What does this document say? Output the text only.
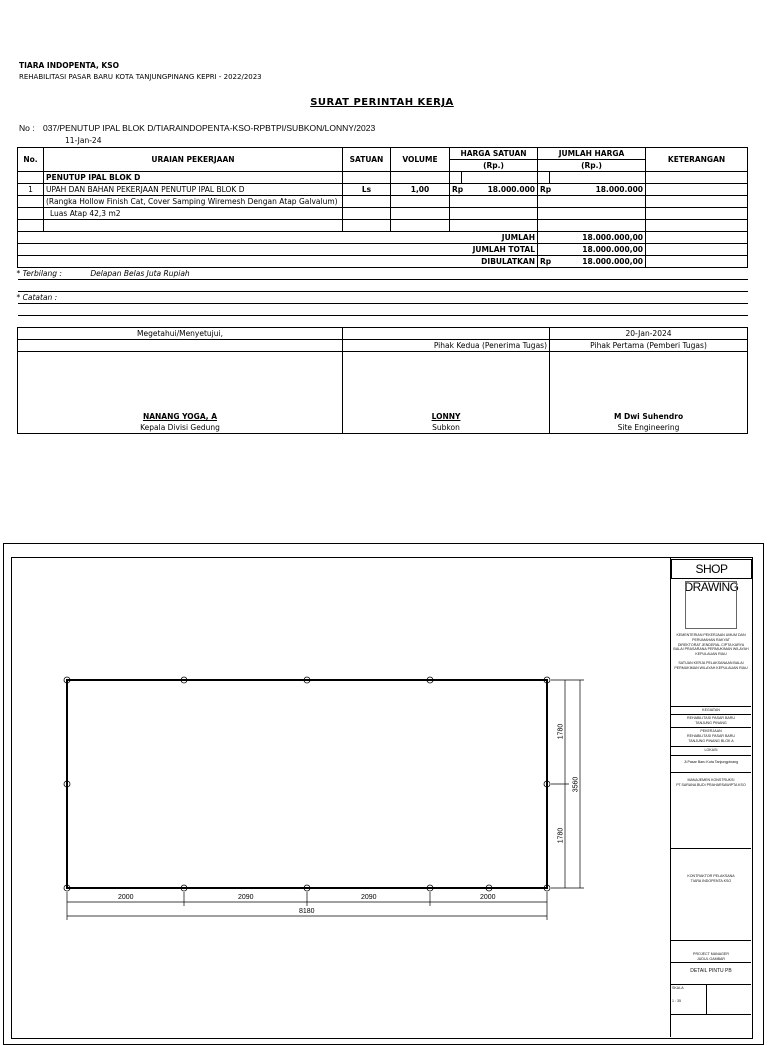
TIARA INDOPENTA, KSO
REHABILITASI PASAR BARU KOTA TANJUNGPINANG KEPRI - 2022/2023
SURAT PERINTAH KERJA
No : 037/PENUTUP IPAL BLOK D/TIARAINDOPENTA-KSO-RPBTPI/SUBKON/LONNY/2023
11-Jan-24
No.	URAIAN PEKERJAAN	SATUAN	VOLUME	HARGA SATUAN		JUMLAH HARGA		KETERANGAN
				(Rp.)		(Rp.)		
	PENUTUP IPAL BLOK D							
1	UPAH DAN BAHAN PEKERJAAN PENUTUP IPAL BLOK D	Ls	1,00	Rp	18.000.000	Rp	18.000.000	
	(Rangka Hollow Finish Cat, Cover Samping Wiremesh Dengan Atap Galvalum)							
	Luas Atap 42,3 m2							

JUMLAH						18.000.000,00		
JUMLAH TOTAL						18.000.000,00		
DIBULATKAN						Rp	18.000.000,00	
* Terbilang : Delapan Belas Juta Rupiah								

* Catatan :								

Megetahui/Menyetujui,							20-Jan-2024	
		Pihak Kedua (Penerima Tugas)					Pihak Pertama (Pemberi Tugas)	
NANANG YOGA, A		LONNY					M Dwi Suhendro	
Kepala Divisi Gedung		Subkon					Site Engineering	
SHOP DRAWING
KEMENTERIAN PEKERJAAN UMUM DAN
PERUMAHAN RAKYAT
DIREKTORAT JENDERAL CIPTA KARYA
BALAI PRASARANA PERMUKIMAN WILAYAH
KEPULAUAN RIAU
SATUAN KERJA PELAKSANAAN BALAI
PERMUKIMAN WILAYAH KEPULAUAN RIAU
KEGIATAN
REHABILITASI PASAR BARU
TANJUNG PINANG
PEKERJAAN
REHABILITASI PASAR BARU
TANJUNG PINANG BLOK A
LOKASI
Jl.Pasar Baru Kota Tanjungpinang
MANAJEMEN KONSTRUKSI
PT.SARANA BUDI PRAHARSAWIPTA KSO
KONTRAKTOR PELAKSANA
TIARA INDOPENTA KSO
PROJECT MANAGER
JUDUL GAMBAR
DETAIL PINTU PB
SKALA
1 : 35
2000	2090	2090	2000
8180
1780
1780
3560
